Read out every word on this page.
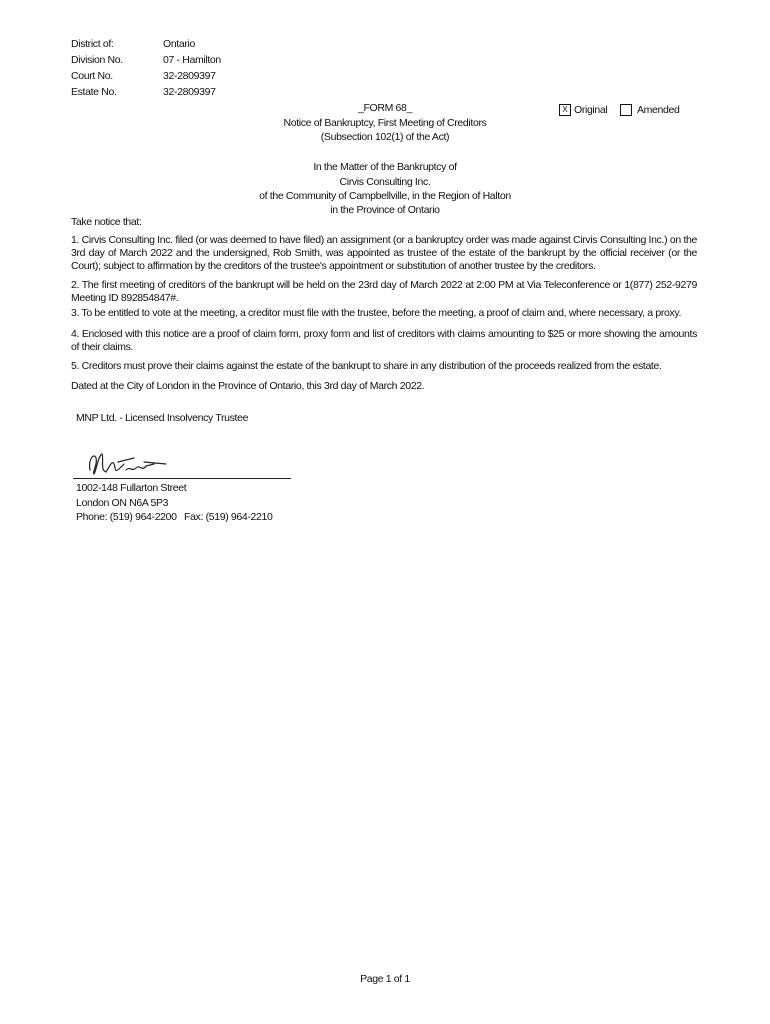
District of:	Ontario
Division No.	07 - Hamilton
Court No.	32-2809397
Estate No.	32-2809397
_FORM 68_
Notice of Bankruptcy, First Meeting of Creditors
(Subsection 102(1) of the Act)
X Original	Amended
In the Matter of the Bankruptcy of
Cirvis Consulting Inc.
of the Community of Campbellville, in the Region of Halton
in the Province of Ontario
Take notice that:
1. Cirvis Consulting Inc. filed (or was deemed to have filed) an assignment (or a bankruptcy order was made against Cirvis Consulting Inc.) on the 3rd day of March 2022 and the undersigned, Rob Smith, was appointed as trustee of the estate of the bankrupt by the official receiver (or the Court); subject to affirmation by the creditors of the trustee's appointment or substitution of another trustee by the creditors.
2. The first meeting of creditors of the bankrupt will be held on the 23rd day of March 2022 at 2:00 PM at Via Teleconference or 1(877) 252-9279 Meeting ID 892854847#.
3. To be entitled to vote at the meeting, a creditor must file with the trustee, before the meeting, a proof of claim and, where necessary, a proxy.
4. Enclosed with this notice are a proof of claim form, proxy form and list of creditors with claims amounting to $25 or more showing the amounts of their claims.
5. Creditors must prove their claims against the estate of the bankrupt to share in any distribution of the proceeds realized from the estate.
Dated at the City of London in the Province of Ontario, this 3rd day of March 2022.
MNP Ltd. - Licensed Insolvency Trustee
1002-148 Fullarton Street
London ON N6A 5P3
Phone: (519) 964-2200 Fax: (519) 964-2210
Page 1 of 1
